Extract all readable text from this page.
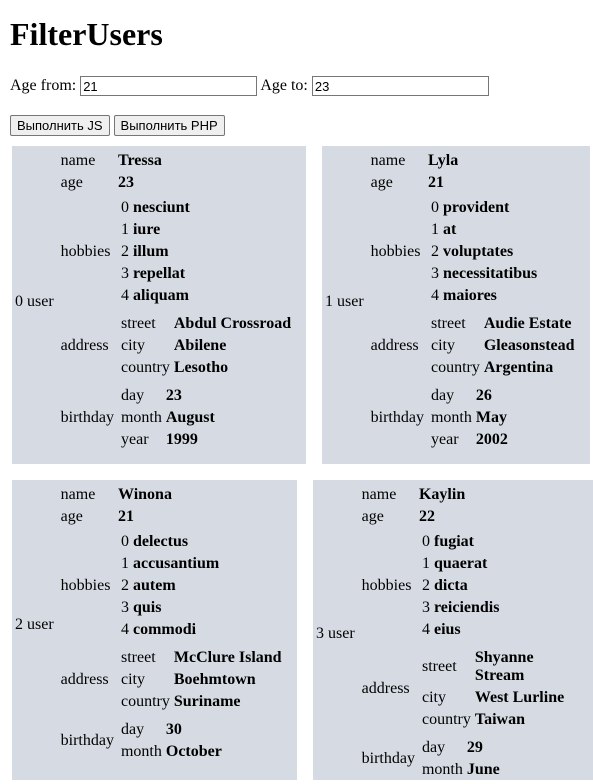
FilterUsers
Age from: 21	Age to: 23
Выполнить JS Выполнить PHP
0	user	
name	Tressa
age	23
hobbies	
0	nesciunt
1	iure
2	illum
3	repellat
4	aliquam

address	
street	Abdul Crossroad
city	Abilene
country	Lesotho

birthday	
day	23
month	August
year	1999
1	user	
name	Lyla
age	21
hobbies	
0	provident
1	at
2	voluptates
3	necessitatibus
4	maiores

address	
street	Audie Estate
city	Gleasonstead
country	Argentina

birthday	
day	26
month	May
year	2002
2	user	
name	Winona
age	21
hobbies	
0	delectus
1	accusantium
2	autem
3	quis
4	commodi

address	
street	McClure Island
city	Boehmtown
country	Suriname

birthday	
day	30
month	October
3	user	
name	Kaylin
age	22
hobbies	
0	fugiat
1	quaerat
2	dicta
3	reiciendis
4	eius

address	
street	Shyanne Stream
city	West Lurline
country	Taiwan

birthday	
day	29
month	June
